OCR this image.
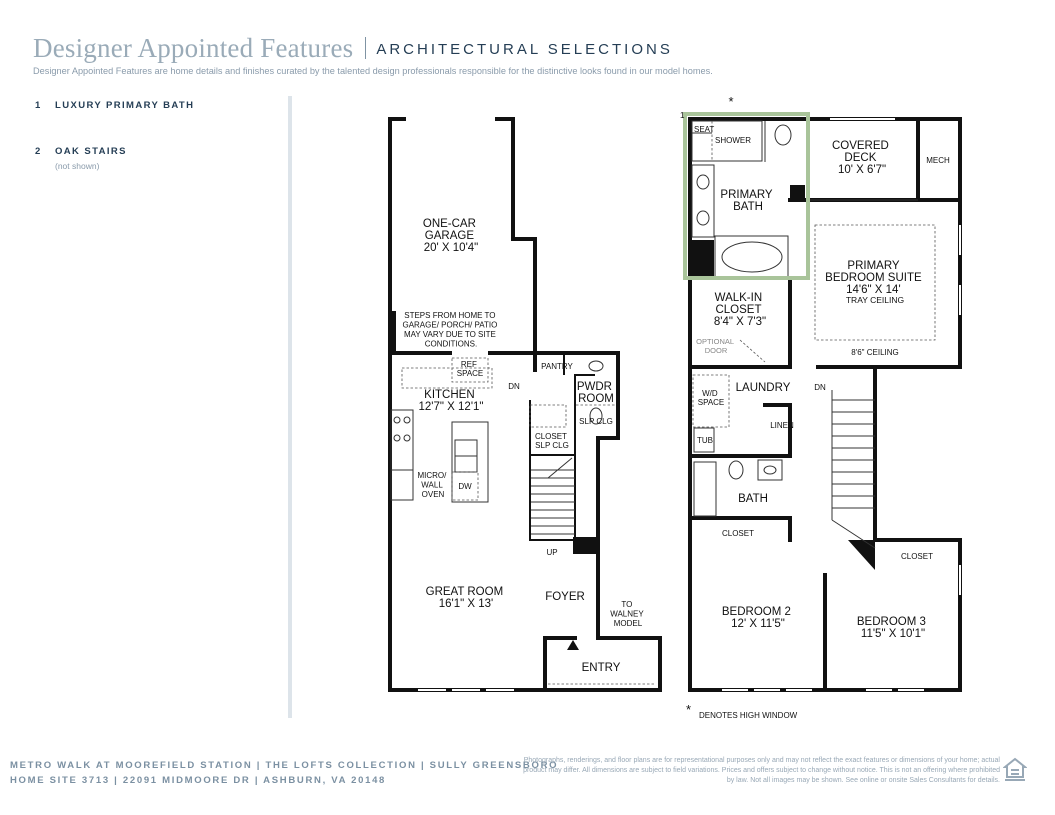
Designer Appointed Features ARCHITECTURAL SELECTIONS
Designer Appointed Features are home details and finishes curated by the talented design professionals responsible for the distinctive looks found in our model homes.
1 LUXURY PRIMARY BATH
2 OAK STAIRS
(not shown)
ONE-CAR GARAGE 20' X 10'4"
STEPS FROM HOME TO GARAGE/ PORCH/ PATIO MAY VARY DUE TO SITE CONDITIONS.
REF SPACE
DN
PANTRY
PWDR ROOM
SLP CLG
KITCHEN 12'7" X 12'1"
CLOSET SLP CLG
MICRO/ WALL OVEN
DW
UP
GREAT ROOM 16'1" X 13'
FOYER
TO WALNEY MODEL
ENTRY
1
*
SEAT
SHOWER
PRIMARY BATH
COVERED DECK 10' X 6'7"
MECH
PRIMARY BEDROOM SUITE 14'6" X 14' TRAY CEILING
WALK-IN CLOSET 8'4" X 7'3"
OPTIONAL DOOR	8'6" CEILING
LAUNDRY	DN
W/D SPACE
TUB
LINEN
BATH
CLOSET
CLOSET
BEDROOM 2 12' X 11'5"	BEDROOM 3 11'5" X 10'1"
* DENOTES HIGH WINDOW
METRO WALK AT MOOREFIELD STATION | THE LOFTS COLLECTION | SULLY GREENSBORO
HOME SITE 3713 | 22091 MIDMOORE DR | ASHBURN, VA 20148
Photographs, renderings, and floor plans are for representational purposes only and may not reflect the exact features or dimensions of your home; actual product may differ. All dimensions are subject to field variations. Prices and offers subject to change without notice. This is not an offering where prohibited by law. Not all images may be shown. See online or onsite Sales Consultants for details.
